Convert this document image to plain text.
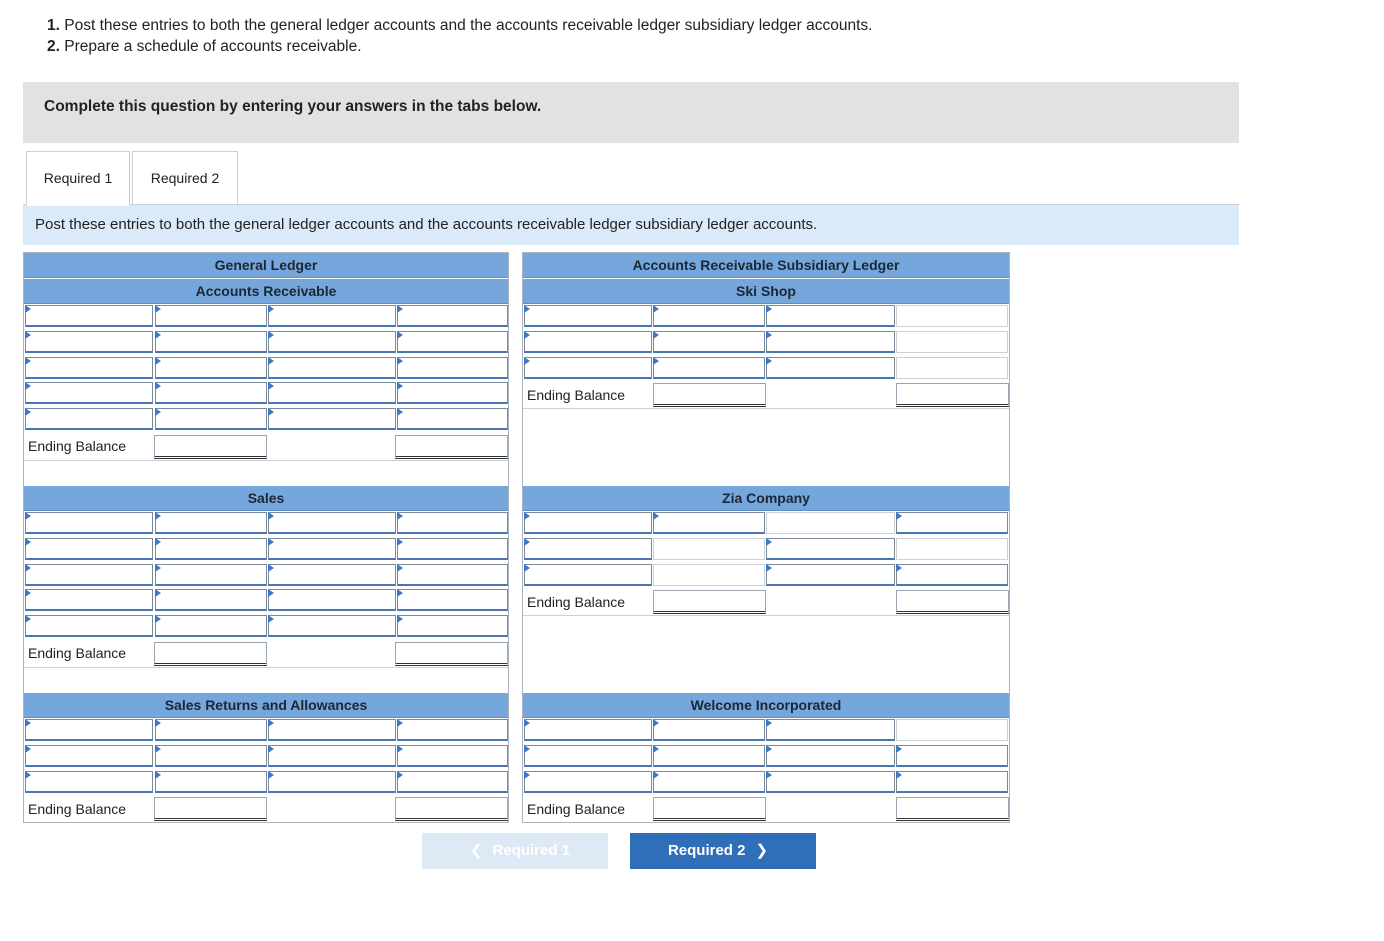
1. Post these entries to both the general ledger accounts and the accounts receivable ledger subsidiary ledger accounts.
2. Prepare a schedule of accounts receivable.
Complete this question by entering your answers in the tabs below.
Required 1	Required 2
Post these entries to both the general ledger accounts and the accounts receivable ledger subsidiary ledger accounts.
General Ledger
Accounts Receivable
Ending Balance
Sales
Ending Balance
Sales Returns and Allowances
Ending Balance
Accounts Receivable Subsidiary Ledger
Ski Shop
Ending Balance
Zia Company
Ending Balance
Welcome Incorporated
Ending Balance
❮ Required 1	Required 2 ❯
